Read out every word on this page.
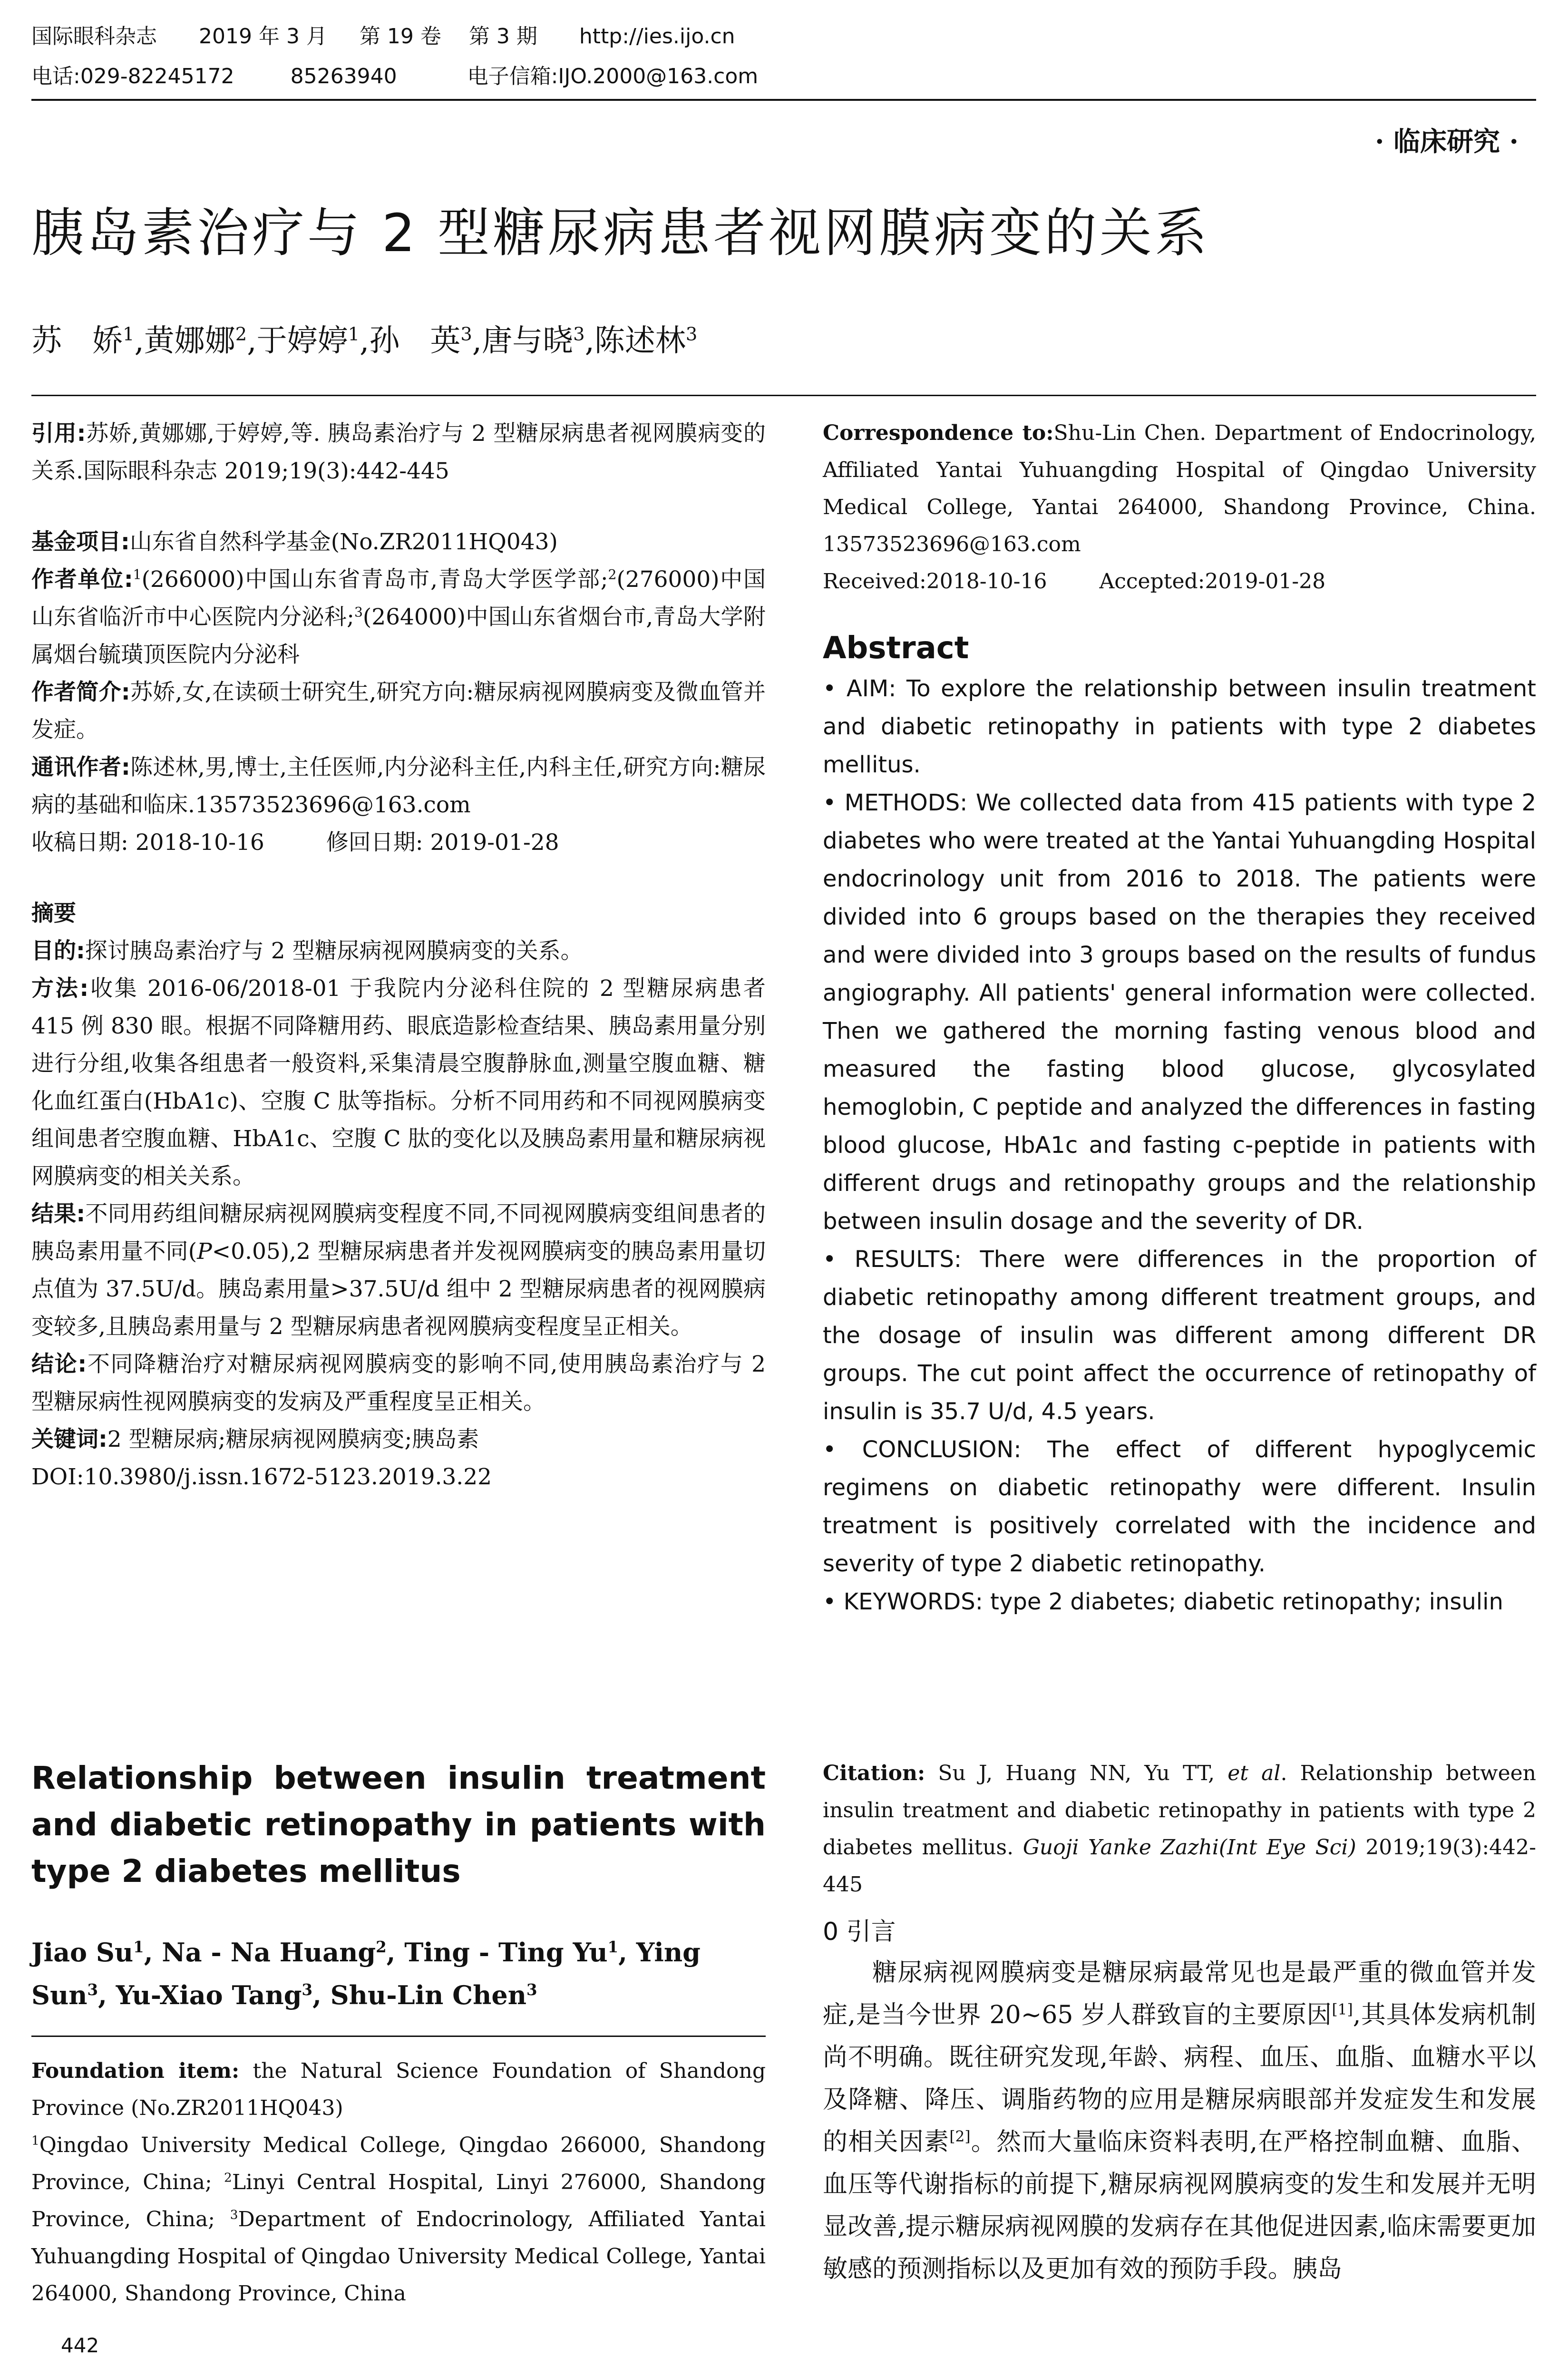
国际眼科杂志 2019 年 3 月 第 19 卷 第 3 期 http://ies.ijo.cn
电话:029-82245172	85263940	电子信箱:IJO.2000@163.com
· 临床研究 ·
胰岛素治疗与 2 型糖尿病患者视网膜病变的关系
苏　娇$^1$,黄娜娜$^2$,于婷婷$^1$,孙　英$^3$,唐与晓$^3$,陈述林$^3$

引用:苏娇,黄娜娜,于婷婷,等. 胰岛素治疗与 2 型糖尿病患者视网膜病变的关系.国际眼科杂志 2019;19(3):442-445

基金项目:山东省自然科学基金(No.ZR2011HQ043)

作者单位:$^1$(266000)中国山东省青岛市,青岛大学医学部;$^2$(276000)中国山东省临沂市中心医院内分泌科;$^3$(264000)中国山东省烟台市,青岛大学附属烟台毓璜顶医院内分泌科

作者简介:苏娇,女,在读硕士研究生,研究方向:糖尿病视网膜病变及微血管并发症。

通讯作者:陈述林,男,博士,主任医师,内分泌科主任,内科主任,研究方向:糖尿病的基础和临床.13573523696@163.com

收稿日期: 2018-10-16	修回日期: 2019-01-28

摘要

目的:探讨胰岛素治疗与 2 型糖尿病视网膜病变的关系。

方法:收集 2016-06/2018-01 于我院内分泌科住院的 2 型糖尿病患者 415 例 830 眼。根据不同降糖用药、眼底造影检查结果、胰岛素用量分别进行分组,收集各组患者一般资料,采集清晨空腹静脉血,测量空腹血糖、糖化血红蛋白(HbA1c)、空腹 C 肽等指标。分析不同用药和不同视网膜病变组间患者空腹血糖、HbA1c、空腹 C 肽的变化以及胰岛素用量和糖尿病视网膜病变的相关关系。

结果:不同用药组间糖尿病视网膜病变程度不同,不同视网膜病变组间患者的胰岛素用量不同(P<0.05),2 型糖尿病患者并发视网膜病变的胰岛素用量切点值为 37.5U/d。胰岛素用量>37.5U/d 组中 2 型糖尿病患者的视网膜病变较多,且胰岛素用量与 2 型糖尿病患者视网膜病变程度呈正相关。

结论:不同降糖治疗对糖尿病视网膜病变的影响不同,使用胰岛素治疗与 2 型糖尿病性视网膜病变的发病及严重程度呈正相关。

关键词:2 型糖尿病;糖尿病视网膜病变;胰岛素

DOI:10.3980/j.issn.1672-5123.2019.3.22

Relationship between insulin treatment and diabetic retinopathy in patients with type 2 diabetes mellitus
Jiao Su$^1$, Na - Na Huang$^2$, Ting - Ting Yu$^1$, Ying Sun$^3$, Yu-Xiao Tang$^3$, Shu-Lin Chen$^3$

Foundation item: the Natural Science Foundation of Shandong Province (No.ZR2011HQ043)

$^1$Qingdao University Medical College, Qingdao 266000, Shandong Province, China; $^2$Linyi Central Hospital, Linyi 276000, Shandong Province, China; $^3$Department of Endocrinology, Affiliated Yantai Yuhuangding Hospital of Qingdao University Medical College, Yantai 264000, Shandong Province, China

Correspondence to:Shu-Lin Chen. Department of Endocrinology, Affiliated Yantai Yuhuangding Hospital of Qingdao University Medical College, Yantai 264000, Shandong Province, China. 13573523696@163.com

Received:2018-10-16	Accepted:2019-01-28

Abstract

• AIM: To explore the relationship between insulin treatment and diabetic retinopathy in patients with type 2 diabetes mellitus.

• METHODS: We collected data from 415 patients with type 2 diabetes who were treated at the Yantai Yuhuangding Hospital endocrinology unit from 2016 to 2018. The patients were divided into 6 groups based on the therapies they received and were divided into 3 groups based on the results of fundus angiography. All patients' general information were collected. Then we gathered the morning fasting venous blood and measured the fasting blood glucose, glycosylated hemoglobin, C peptide and analyzed the differences in fasting blood glucose, HbA1c and fasting c-peptide in patients with different drugs and retinopathy groups and the relationship between insulin dosage and the severity of DR.

• RESULTS: There were differences in the proportion of diabetic retinopathy among different treatment groups, and the dosage of insulin was different among different DR groups. The cut point affect the occurrence of retinopathy of insulin is 35.7 U/d, 4.5 years.

• CONCLUSION: The effect of different hypoglycemic regimens on diabetic retinopathy were different. Insulin treatment is positively correlated with the incidence and severity of type 2 diabetic retinopathy.

• KEYWORDS: type 2 diabetes; diabetic retinopathy; insulin

Citation: Su J, Huang NN, Yu TT, et al. Relationship between insulin treatment and diabetic retinopathy in patients with type 2 diabetes mellitus. Guoji Yanke Zazhi(Int Eye Sci) 2019;19(3):442-445

0 引言

糖尿病视网膜病变是糖尿病最常见也是最严重的微血管并发症,是当今世界 20~65 岁人群致盲的主要原因[1],其具体发病机制尚不明确。既往研究发现,年龄、病程、血压、血脂、血糖水平以及降糖、降压、调脂药物的应用是糖尿病眼部并发症发生和发展的相关因素[2]。然而大量临床资料表明,在严格控制血糖、血脂、血压等代谢指标的前提下,糖尿病视网膜病变的发生和发展并无明显改善,提示糖尿病视网膜的发病存在其他促进因素,临床需要更加敏感的预测指标以及更加有效的预防手段。胰岛

442
